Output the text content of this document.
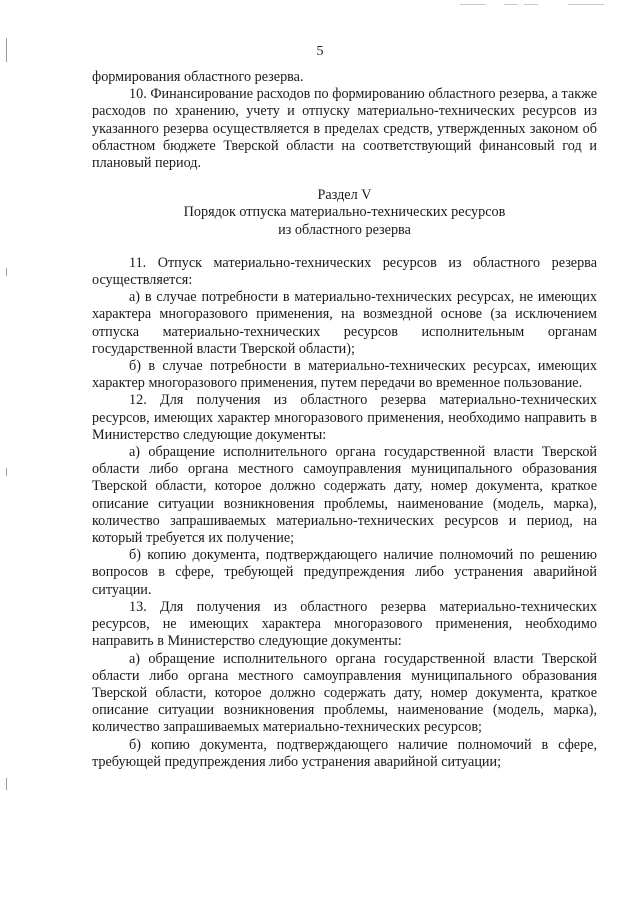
5

формирования областного резерва.

10. Финансирование расходов по формированию областного резерва, а также расходов по хранению, учету и отпуску материально-технических ресурсов из указанного резерва осуществляется в пределах средств, утвержденных законом об областном бюджете Тверской области на соответствующий финансовый год и плановый период.

Раздел V
Порядок отпуска материально-технических ресурсов
из областного резерва

11. Отпуск материально-технических ресурсов из областного резерва осуществляется:

а) в случае потребности в материально-технических ресурсах, не имеющих характера многоразового применения, на возмездной основе (за исключением отпуска материально-технических ресурсов исполнительным органам государственной власти Тверской области);

б) в случае потребности в материально-технических ресурсах, имеющих характер многоразового применения, путем передачи во временное пользование.

12. Для получения из областного резерва материально-технических ресурсов, имеющих характер многоразового применения, необходимо направить в Министерство следующие документы:

а) обращение исполнительного органа государственной власти Тверской области либо органа местного самоуправления муниципального образования Тверской области, которое должно содержать дату, номер документа, краткое описание ситуации возникновения проблемы, наименование (модель, марка), количество запрашиваемых материально-технических ресурсов и период, на который требуется их получение;

б) копию документа, подтверждающего наличие полномочий по решению вопросов в сфере, требующей предупреждения либо устранения аварийной ситуации.

13. Для получения из областного резерва материально-технических ресурсов, не имеющих характера многоразового применения, необходимо направить в Министерство следующие документы:

а) обращение исполнительного органа государственной власти Тверской области либо органа местного самоуправления муниципального образования Тверской области, которое должно содержать дату, номер документа, краткое описание ситуации возникновения проблемы, наименование (модель, марка), количество запрашиваемых материально-технических ресурсов;

б) копию документа, подтверждающего наличие полномочий в сфере, требующей предупреждения либо устранения аварийной ситуации;
